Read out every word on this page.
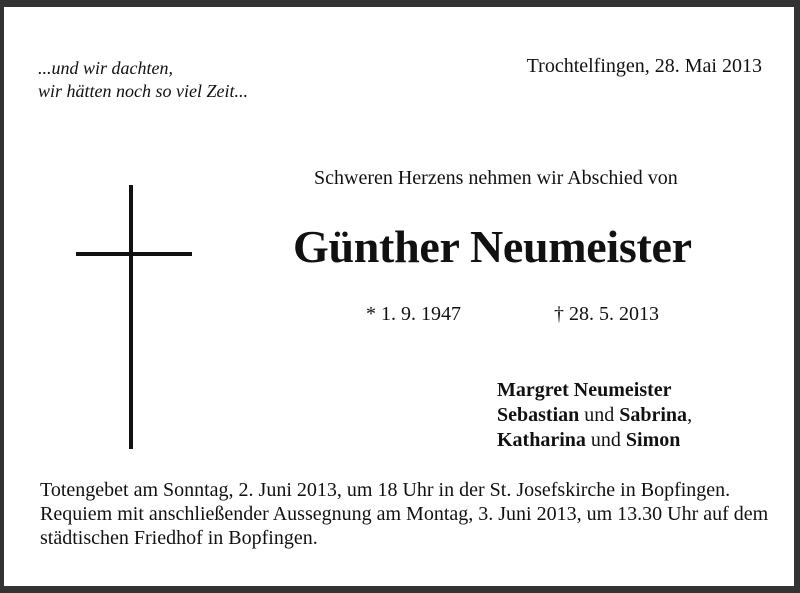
...und wir dachten,
wir hätten noch so viel Zeit...
Trochtelfingen, 28. Mai 2013
Schweren Herzens nehmen wir Abschied von
Günther Neumeister
* 1. 9. 1947	† 28. 5. 2013
Margret Neumeister
Sebastian und Sabrina,
Katharina und Simon

Totengebet am Sonntag, 2. Juni 2013, um 18 Uhr in der St. Josefskirche in Bopfingen.

Requiem mit anschließender Aussegnung am Montag, 3. Juni 2013, um 13.30 Uhr auf dem städtischen Friedhof in Bopfingen.
